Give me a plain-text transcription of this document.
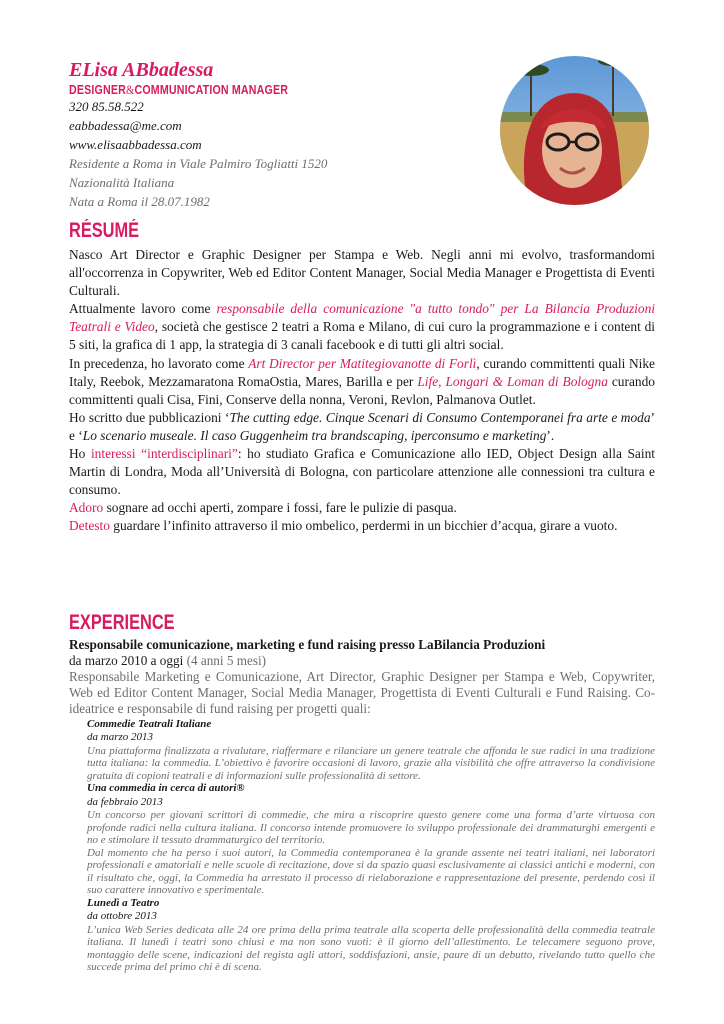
ELisa ABbadessa
DESIGNER&COMMUNICATION MANAGER
320 85.58.522
eabbadessa@me.com
www.elisaabbadessa.com
Residente a Roma in Viale Palmiro Togliatti 1520
Nazionalità Italiana
Nata a Roma il 28.07.1982
RÉSUMÉ

Nasco Art Director e Graphic Designer per Stampa e Web. Negli anni mi evolvo, trasformandomi all'occorrenza in Copywriter, Web ed Editor Content Manager, Social Media Manager e Progettista di Eventi Culturali.

Attualmente lavoro come responsabile della comunicazione "a tutto tondo" per La Bilancia Produzioni Teatrali e Video, società che gestisce 2 teatri a Roma e Milano, di cui curo la programmazione e i content di 5 siti, la grafica di 1 app, la strategia di 3 canali facebook e di tutti gli altri social.

In precedenza, ho lavorato come Art Director per Matitegiovanotte di Forlì, curando committenti quali Nike Italy, Reebok, Mezzamaratona RomaOstia, Mares, Barilla e per Life, Longari & Loman di Bologna curando committenti quali Cisa, Fini, Conserve della nonna, Veroni, Revlon, Palmanova Outlet.

Ho scritto due pubblicazioni ‘The cutting edge. Cinque Scenari di Consumo Contemporanei fra arte e moda’ e ‘Lo scenario museale. Il caso Guggenheim tra brandscaping, iperconsumo e marketing’.

Ho interessi “interdisciplinari”: ho studiato Grafica e Comunicazione allo IED, Object Design alla Saint Martin di Londra, Moda all’Università di Bologna, con particolare attenzione alle connessioni tra cultura e consumo.

Adoro sognare ad occhi aperti, zompare i fossi, fare le pulizie di pasqua.

Detesto guardare l’infinito attraverso il mio ombelico, perdermi in un bicchier d’acqua, girare a vuoto.

EXPERIENCE
Responsabile comunicazione, marketing e fund raising presso LaBilancia Produzioni
da marzo 2010 a oggi (4 anni 5 mesi)
Responsabile Marketing e Comunicazione, Art Director, Graphic Designer per Stampa e Web, Copywriter, Web ed Editor Content Manager, Social Media Manager, Progettista di Eventi Culturali e Fund Raising. Co-ideatrice e responsabile di fund raising per progetti quali:
Commedie Teatrali Italiane
da marzo 2013
Una piattaforma finalizzata a rivalutare, riaffermare e rilanciare un genere teatrale che affonda le sue radici in una tradizione tutta italiana: la commedia. L’obiettivo è favorire occasioni di lavoro, grazie alla visibilità che offre attraverso la condivisione gratuita di copioni teatrali e di informazioni sulle professionalità di settore.
Una commedia in cerca di autori®
da febbraio 2013
Un concorso per giovani scrittori di commedie, che mira a riscoprire questo genere come una forma d’arte virtuosa con profonde radici nella cultura italiana. Il concorso intende promuovere lo sviluppo professionale dei drammaturghi emergenti e no e stimolare il tessuto drammaturgico del territorio.
Dal momento che ha perso i suoi autori, la Commedia contemporanea è la grande assente nei teatri italiani, nei laboratori professionali e amatoriali e nelle scuole di recitazione, dove si da spazio quasi esclusivamente ai classici antichi e moderni, con il risultato che, oggi, la Commedia ha arrestato il processo di rielaborazione e rappresentazione del presente, perdendo così il suo carattere innovativo e sperimentale.
Lunedì a Teatro
da ottobre 2013
L’unica Web Series dedicata alle 24 ore prima della prima teatrale alla scoperta delle professionalità della commedia teatrale italiana. Il lunedì i teatri sono chiusi e ma non sono vuoti: è il giorno dell’allestimento. Le telecamere seguono prove, montaggio delle scene, indicazioni del regista agli attori, soddisfazioni, ansie, paure di un debutto, rivelando tutto quello che succede prima del primo chi è di scena.
